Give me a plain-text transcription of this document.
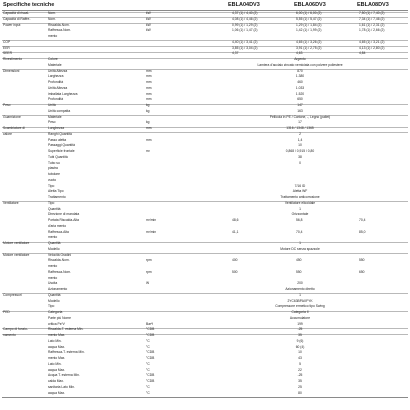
Specifiche tecniche	EBLA04DV3	EBLA06DV3	EBLA08DV3
Capacità di riscal-	Nom.	kW	4,37 (1) / 4,40 (2)	6,00 (1) / 6,00 (2)	7,50 (1) / 7,40 (2)
Capacità di Raffre-	Nom.	kW	4,08 (1) / 4,46 (2)	5,55 (1) / 5,47 (2)	7,34 (1) / 7,46 (2)
Power input	Riscalda-Nom.	kW	0,99 (1) / 1,29 (2)	1,29 (1) / 1,84 (2)	1,61 (1) / 2,31 (2)
Raffresca-Nom.	kW	1,06 (1) / 1,47 (2)	1,42 (1) / 1,99 (2)	1,78 (1) / 2,66 (2)
mento
COP	4,40 (1) / 3,41 (2)	4,65 (1) / 3,26 (2)	4,65 (1) / 3,21 (2)
EER	3,85 (1) / 3,04 (2)	3,91 (1) / 2,75 (2)	4,13 (1) / 2,80 (2)
SEER	4,37	4,63	4,84
Rivestimento	Colore	Argento
Materiale	Lamiera d'acciaio zincato verniciata con polvere poliestere
Dimensioni	Unità Altezza	mm	870
Larghezza	mm	1.380
Profondità	mm	460
Unità Altezza	mm	1.033
imballata Larghezza	mm	1.520
Profondità	mm	650
Peso	Unità	kg	147
Unità compatta	kg	163
Guarnizione	Materiale	Pellicola in PE / Cartone, -, Legno (pallet)
Peso	kg	17
Scambiatore di	Lunghezza	mm	1316 / 1348 / 1365
calore	Ranghi Quantità	2
Passo aletta	mm	1,4
Passaggi Quantità	10
Superficie frontale	m²	0,868 / 0,915 / 0,80
Tubi Quantità	38
Tubo su	0
piastra
tubolare
vuoto
Tipo	7/16 ID
Aletta Tipo	Aletta WF
Trattamento	Trattamento anticorrosione
Ventilatore	Tipo	Ventilatore elicoidale
Quantità	1
Direzione di mandata	Orizzontale
Portata Riscalda-Alta	m³/min	48,6	56,8	70,4
d'aria mento
Raffresca-Alta	m³/min	41,1	70,4	85,0
mento
Motore ventilatore	Quantità	1
Modello	Motore DC senza spazzole
Motore ventilatore	Velocità Gradini
Riscalda-Nom.	rpm	400	450	550
mento
Raffresca-Nom.	rpm	500	550	650
mento
Uscita	W	200
Azionamento	Azionamento diretto
Compressori	Quantità	1
Modello	2YC63BPAXFYK
Tipo	Compressore ermetico tipo Swing
PED	Categoria	Categoria II
Parte più Nome	Accumulatore
critica Ps*V	Bar*l	199
Campo di funzio-	Riscalda-T. esterna Min.	°CDB	-25
namento	mento Max.	°CDB	35
Lato Min.	°C	9 (6)
acqua Max.	°C	60 (4)
Raffresca-T. esterna Min.	°CDB	10
mento Max.	°CDB	43
Lato Min.	°C	5
acqua Max.	°C	22
Acqua T. esterna Min.	°CDB	-25
calda Max.	°CDB	35
sanitaria Lato Min.	°C	25
acqua Max.	°C	80
